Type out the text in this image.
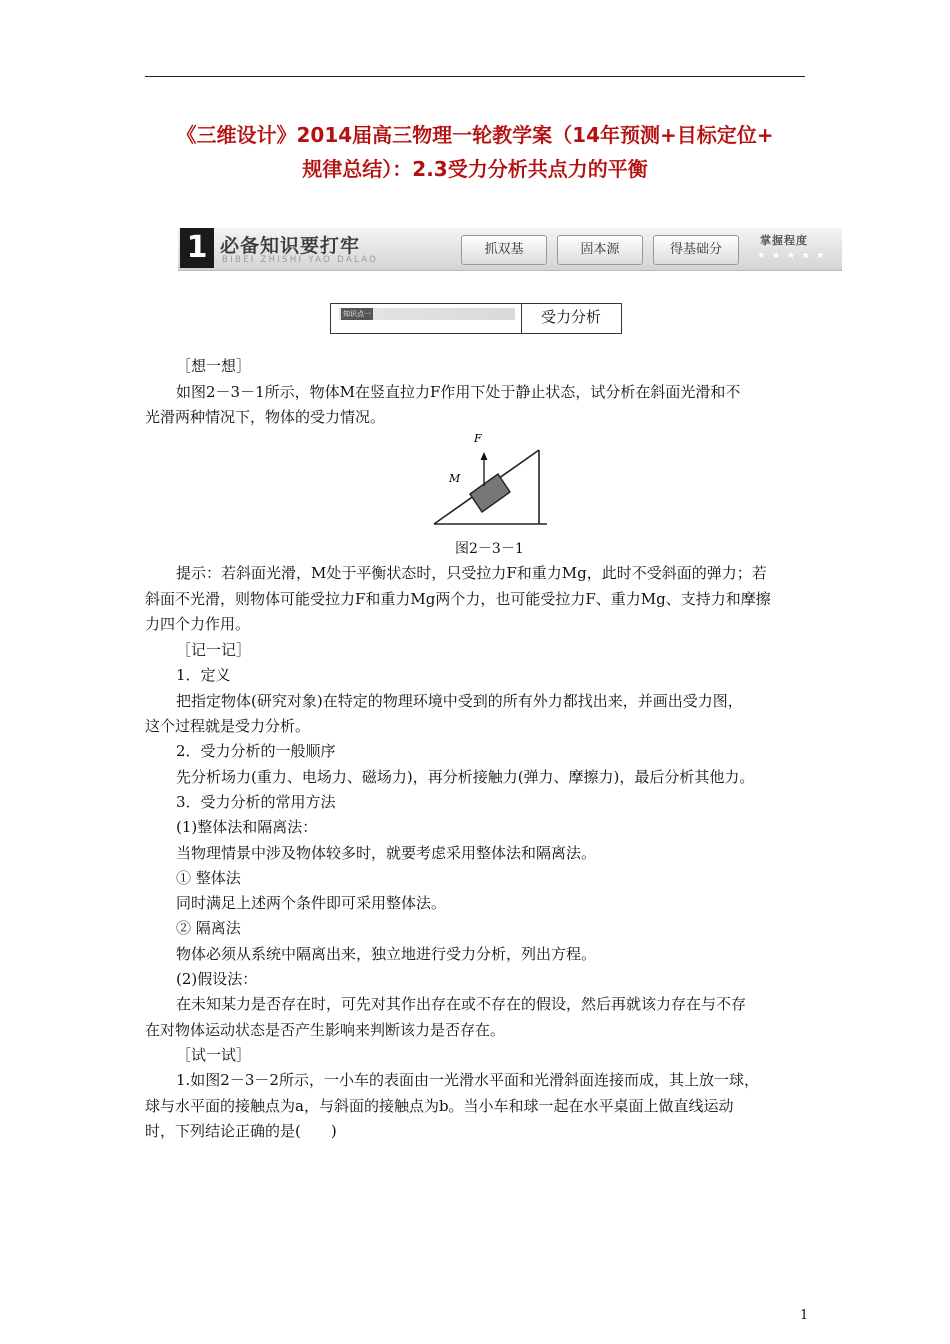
《三维设计》2014届高三物理一轮教学案（14年预测+目标定位+
规律总结）：2.3受力分析共点力的平衡
1 必备知识要打牢
BIBEI ZHISHI YAO DALAO
抓双基	固本源	得基础分
掌握程度
★★★★★
知识点一	受力分析
［想一想］
如图2－3－1所示，物体M在竖直拉力F作用下处于静止状态，试分析在斜面光滑和不
光滑两种情况下，物体的受力情况。
F
M
图2－3－1
提示：若斜面光滑，M处于平衡状态时，只受拉力F和重力Mg，此时不受斜面的弹力；若
斜面不光滑，则物体可能受拉力F和重力Mg两个力，也可能受拉力F、重力Mg、支持力和摩擦
力四个力作用。
［记一记］
1．定义
把指定物体(研究对象)在特定的物理环境中受到的所有外力都找出来，并画出受力图，
这个过程就是受力分析。
2．受力分析的一般顺序
先分析场力(重力、电场力、磁场力)，再分析接触力(弹力、摩擦力)，最后分析其他力。
3．受力分析的常用方法
(1)整体法和隔离法：
当物理情景中涉及物体较多时，就要考虑采用整体法和隔离法。
① 整体法
同时满足上述两个条件即可采用整体法。
② 隔离法
物体必须从系统中隔离出来，独立地进行受力分析，列出方程。
(2)假设法：
在未知某力是否存在时，可先对其作出存在或不存在的假设，然后再就该力存在与不存
在对物体运动状态是否产生影响来判断该力是否存在。
［试一试］
1.如图2－3－2所示，一小车的表面由一光滑水平面和光滑斜面连接而成，其上放一球，
球与水平面的接触点为a，与斜面的接触点为b。当小车和球一起在水平桌面上做直线运动
时，下列结论正确的是(　　)
1
